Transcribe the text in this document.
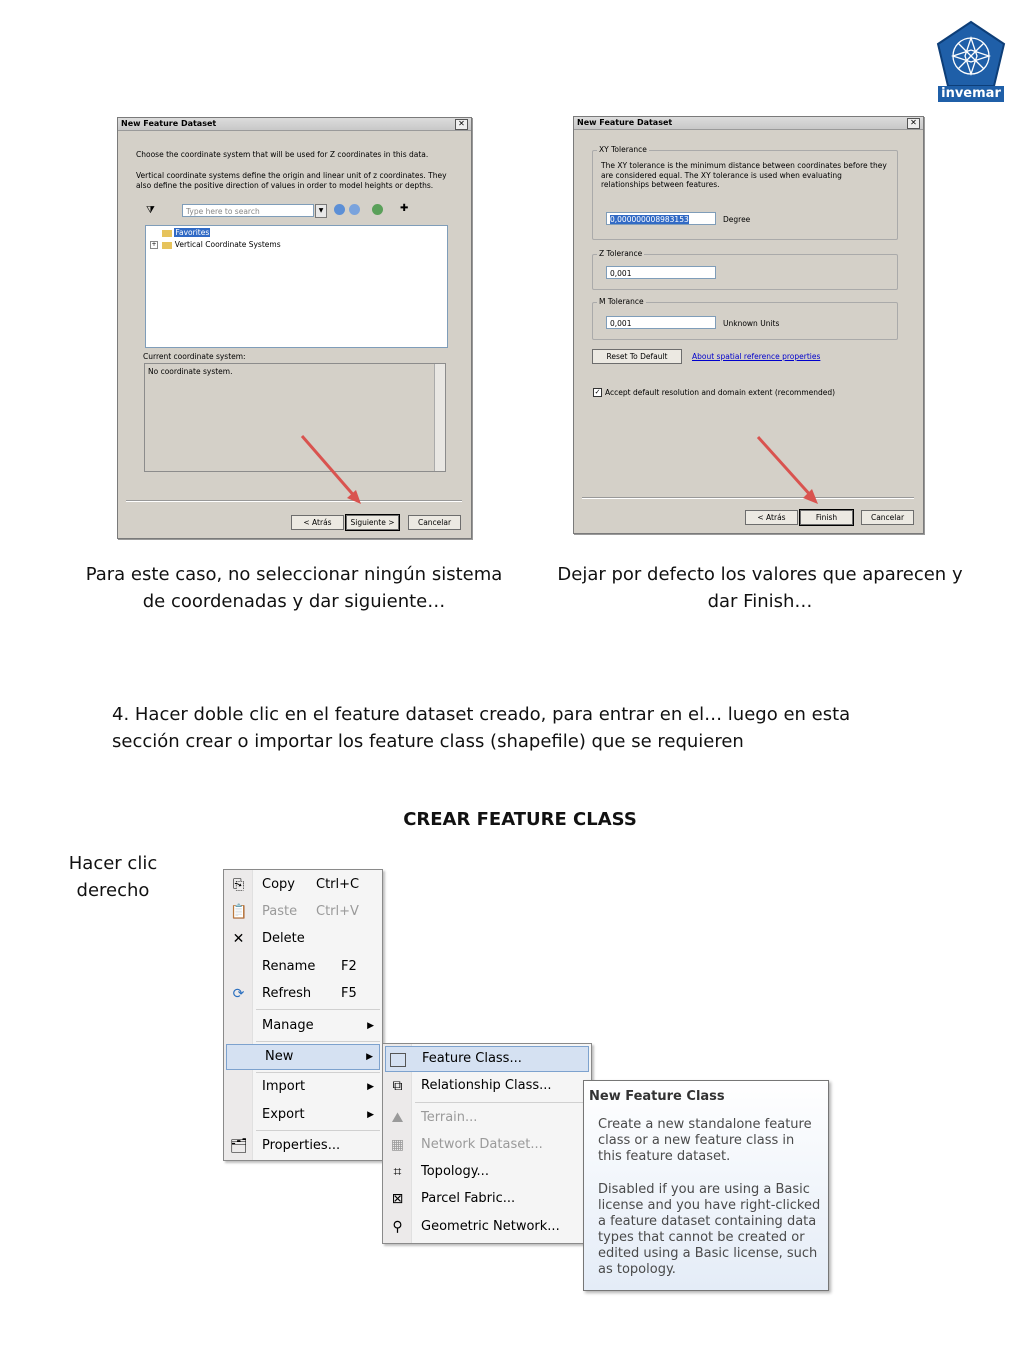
invemar
New Feature Dataset	✕
Choose the coordinate system that will be used for Z coordinates in this data.
Vertical coordinate systems define the origin and linear unit of z coordinates. They also define the positive direction of values in order to model heights or depths.
⧩	Type here to search	▼	✚
Favorites
+ Vertical Coordinate Systems
Current coordinate system:
No coordinate system.
< Atrás	Siguiente >	Cancelar
New Feature Dataset	✕
XY Tolerance
The XY tolerance is the minimum distance between coordinates before they are considered equal. The XY tolerance is used when evaluating relationships between features.
0,000000008983153	Degree
Z Tolerance
0,001
M Tolerance
0,001	Unknown Units
Reset To Default	About spatial reference properties
✓ Accept default resolution and domain extent (recommended)
< Atrás	Finish	Cancelar
Para este caso, no seleccionar ningún sistema
de coordenadas y dar siguiente…
Dejar por defecto los valores que aparecen y
dar Finish…
4. Hacer doble clic en el feature dataset creado, para entrar en el… luego en esta
sección crear o importar los feature class (shapefile) que se requieren
CREAR FEATURE CLASS
Hacer clic
derecho	⎘ Copy Ctrl+C
📋 Paste Ctrl+V
✕ Delete
Rename F2
⟳ Refresh F5
Manage	▶
New	▶
Import	▶
Export	▶
🗂 Properties...
Feature Class...
⧉ Relationship Class...
⛰ Terrain...
▦ Network Dataset...
⌗	Topology...
⊠ Parcel Fabric...
⚲ Geometric Network...
New Feature Class
Create a new standalone feature class or a new feature class in this feature dataset.
Disabled if you are using a Basic license and you have right-clicked a feature dataset containing data types that cannot be created or edited using a Basic license, such as topology.
